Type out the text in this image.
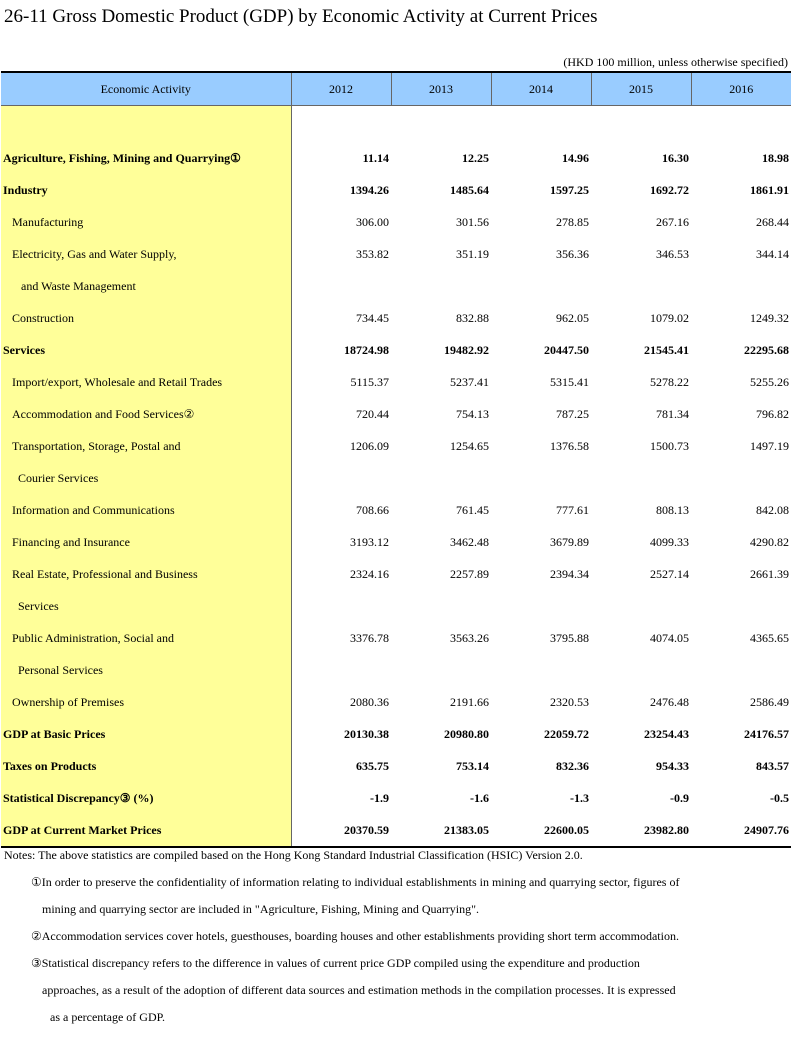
26-11 Gross Domestic Product (GDP) by Economic Activity at Current Prices
(HKD 100 million, unless otherwise specified)
Economic Activity	2012	2013	2014	2015	2016

Agriculture, Fishing, Mining and Quarrying①	11.14	12.25	14.96	16.30	18.98
Industry	1394.26	1485.64	1597.25	1692.72	1861.91
Manufacturing	306.00	301.56	278.85	267.16	268.44
Electricity, Gas and Water Supply,	353.82	351.19	356.36	346.53	344.14
and Waste Management					
Construction	734.45	832.88	962.05	1079.02	1249.32
Services	18724.98	19482.92	20447.50	21545.41	22295.68
Import/export, Wholesale and Retail Trades	5115.37	5237.41	5315.41	5278.22	5255.26
Accommodation and Food Services②	720.44	754.13	787.25	781.34	796.82
Transportation, Storage, Postal and	1206.09	1254.65	1376.58	1500.73	1497.19
Courier Services					
Information and Communications	708.66	761.45	777.61	808.13	842.08
Financing and Insurance	3193.12	3462.48	3679.89	4099.33	4290.82
Real Estate, Professional and Business	2324.16	2257.89	2394.34	2527.14	2661.39
Services					
Public Administration, Social and	3376.78	3563.26	3795.88	4074.05	4365.65
Personal Services					
Ownership of Premises	2080.36	2191.66	2320.53	2476.48	2586.49
GDP at Basic Prices	20130.38	20980.80	22059.72	23254.43	24176.57
Taxes on Products	635.75	753.14	832.36	954.33	843.57
Statistical Discrepancy③ (%)	-1.9	-1.6	-1.3	-0.9	-0.5
GDP at Current Market Prices	20370.59	21383.05	22600.05	23982.80	24907.76
Notes: The above statistics are compiled based on the Hong Kong Standard Industrial Classification (HSIC) Version 2.0.
①In order to preserve the confidentiality of information relating to individual establishments in mining and quarrying sector, figures of
mining and quarrying sector are included in "Agriculture, Fishing, Mining and Quarrying".
②Accommodation services cover hotels, guesthouses, boarding houses and other establishments providing short term accommodation.
③Statistical discrepancy refers to the difference in values of current price GDP compiled using the expenditure and production
approaches, as a result of the adoption of different data sources and estimation methods in the compilation processes. It is expressed
as a percentage of GDP.
